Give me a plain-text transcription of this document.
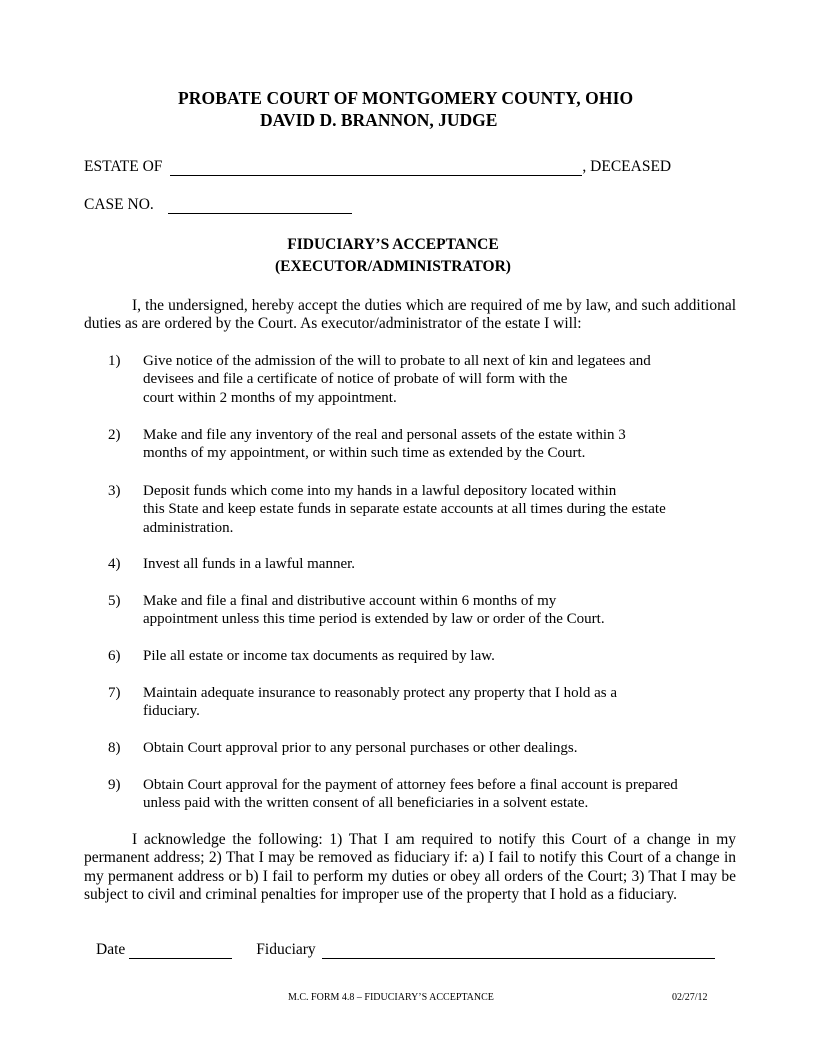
PROBATE COURT OF MONTGOMERY COUNTY, OHIO
DAVID D. BRANNON, JUDGE
ESTATE OF	, DECEASED
CASE NO.
FIDUCIARY’S ACCEPTANCE
(EXECUTOR/ADMINISTRATOR)
I, the undersigned, hereby accept the duties which are required of me by law, and such additional duties as are ordered by the Court. As executor/administrator of the estate I will:
1) Give notice of the admission of the will to probate to all next of kin and legatees and
devisees and file a certificate of notice of probate of will form with the
court within 2 months of my appointment.
2) Make and file any inventory of the real and personal assets of the estate within 3
months of my appointment, or within such time as extended by the Court.
3) Deposit funds which come into my hands in a lawful depository located within
this State and keep estate funds in separate estate accounts at all times during the estate
administration.
4) Invest all funds in a lawful manner.
5) Make and file a final and distributive account within 6 months of my
appointment unless this time period is extended by law or order of the Court.
6) Pile all estate or income tax documents as required by law.
7) Maintain adequate insurance to reasonably protect any property that I hold as a
fiduciary.
8) Obtain Court approval prior to any personal purchases or other dealings.
9) Obtain Court approval for the payment of attorney fees before a final account is prepared
unless paid with the written consent of all beneficiaries in a solvent estate.
I acknowledge the following: 1) That I am required to notify this Court of a change in my permanent address; 2) That I may be removed as fiduciary if: a) I fail to notify this Court of a change in my permanent address or b) I fail to perform my duties or obey all orders of the Court; 3) That I may be subject to civil and criminal penalties for improper use of the property that I hold as a fiduciary.
Date	Fiduciary
M.C. FORM 4.8 – FIDUCIARY’S ACCEPTANCE	02/27/12
